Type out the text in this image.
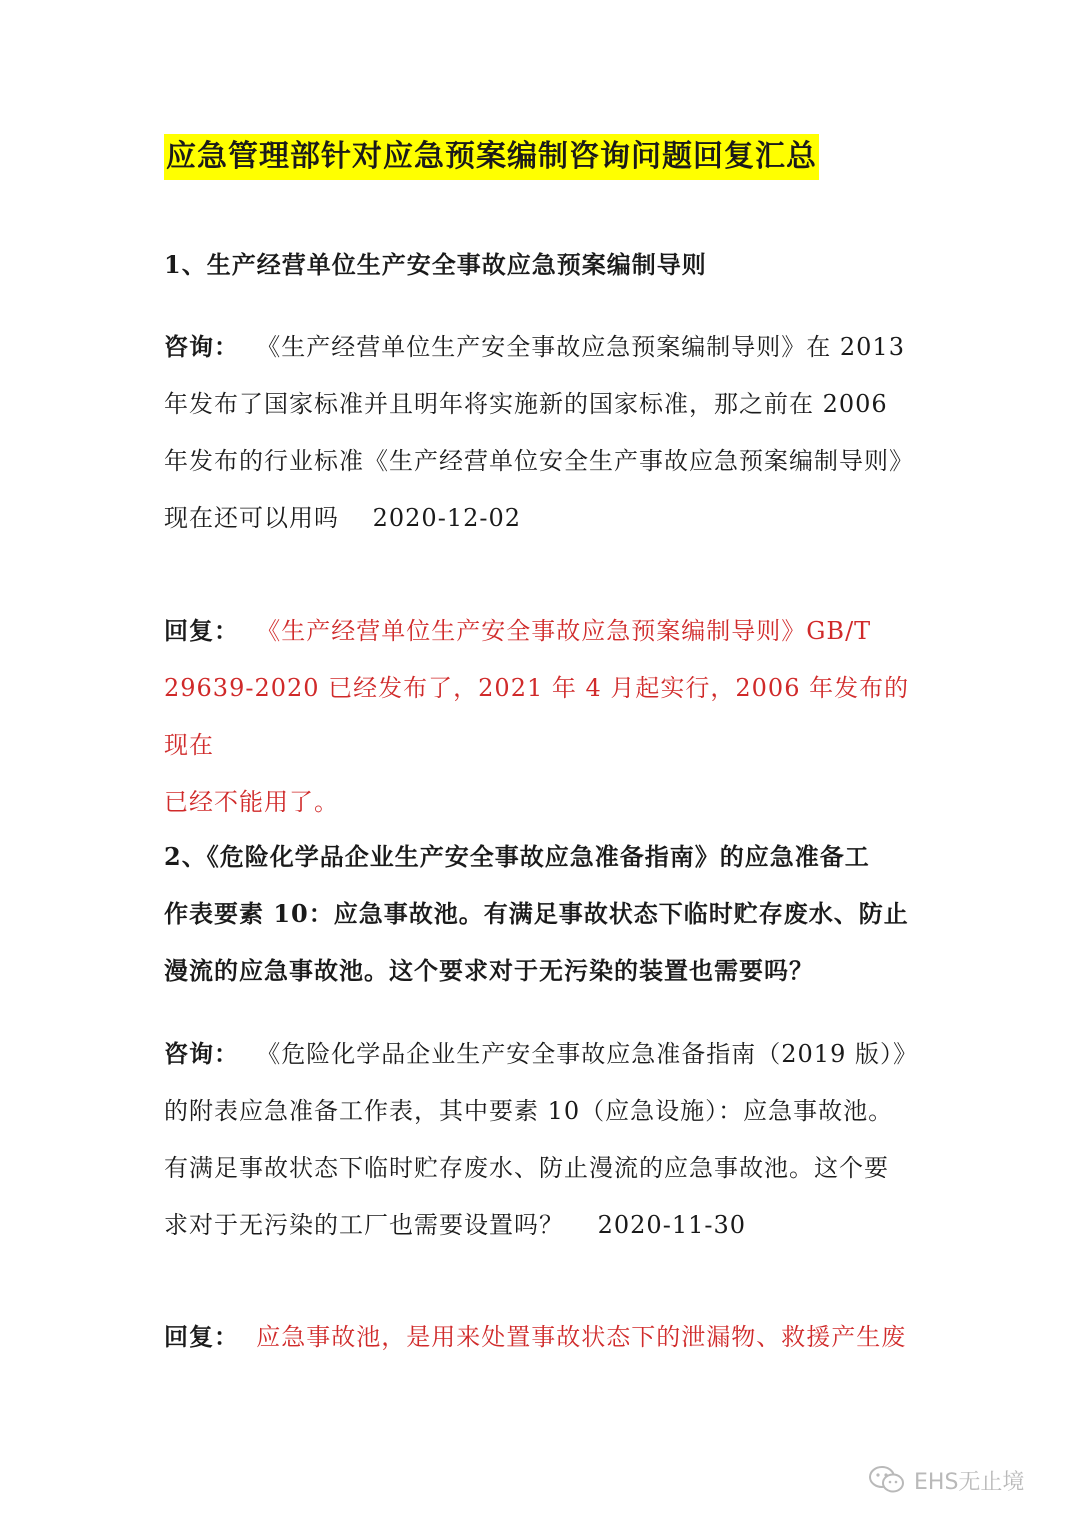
应急管理部针对应急预案编制咨询问题回复汇总
1、生产经营单位生产安全事故应急预案编制导则
咨询： 《生产经营单位生产安全事故应急预案编制导则》在 2013
年发布了国家标准并且明年将实施新的国家标准，那之前在 2006
年发布的行业标准《生产经营单位安全生产事故应急预案编制导则》
现在还可以用吗　 2020-12-02
回复： 《生产经营单位生产安全事故应急预案编制导则》GB/T
29639-2020 已经发布了，2021 年 4 月起实行，2006 年发布的现在
已经不能用了。
2、《危险化学品企业生产安全事故应急准备指南》的应急准备工
作表要素 10：应急事故池。有满足事故状态下临时贮存废水、防止
漫流的应急事故池。这个要求对于无污染的装置也需要吗？
咨询： 《危险化学品企业生产安全事故应急准备指南（2019 版）》
的附表应急准备工作表，其中要素 10（应急设施）：应急事故池。
有满足事故状态下临时贮存废水、防止漫流的应急事故池。这个要
求对于无污染的工厂也需要设置吗？　 2020-11-30
回复： 应急事故池，是用来处置事故状态下的泄漏物、救援产生废
EHS无止境
